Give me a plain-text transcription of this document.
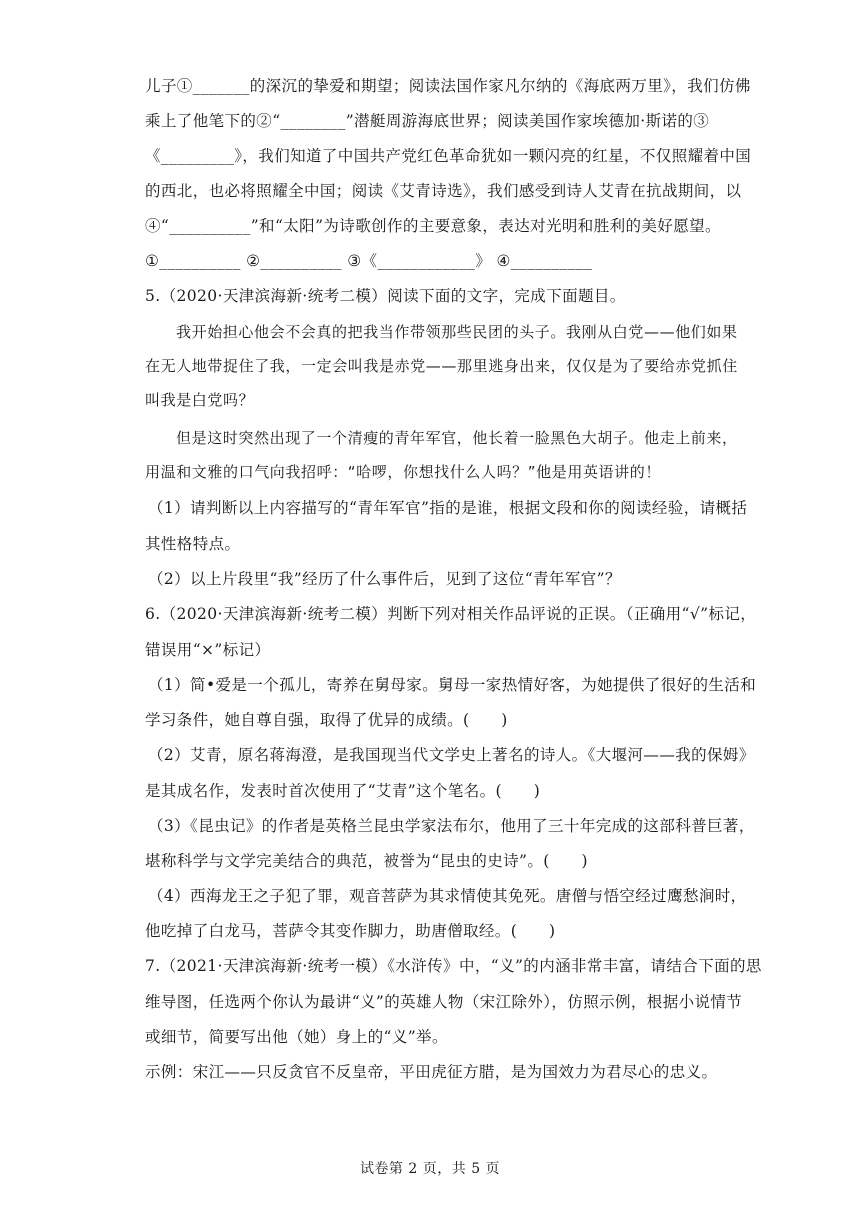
儿子①_______的深沉的挚爱和期望；阅读法国作家凡尔纳的《海底两万里》，我们仿佛
乘上了他笔下的②“________”潜艇周游海底世界；阅读美国作家埃德加·斯诺的③
《_________》，我们知道了中国共产党红色革命犹如一颗闪亮的红星，不仅照耀着中国
的西北，也必将照耀全中国；阅读《艾青诗选》，我们感受到诗人艾青在抗战期间，以
④“__________”和“太阳”为诗歌创作的主要意象，表达对光明和胜利的美好愿望。
①__________ ②__________ ③《____________》 ④__________
5.（2020·天津滨海新·统考二模）阅读下面的文字，完成下面题目。
我开始担心他会不会真的把我当作带领那些民团的头子。我刚从白党——他们如果
在无人地带捉住了我，一定会叫我是赤党——那里逃身出来，仅仅是为了要给赤党抓住
叫我是白党吗？
但是这时突然出现了一个清瘦的青年军官，他长着一脸黑色大胡子。他走上前来，
用温和文雅的口气向我招呼：“哈啰，你想找什么人吗？”他是用英语讲的！
（1）请判断以上内容描写的“青年军官”指的是谁，根据文段和你的阅读经验，请概括
其性格特点。
（2）以上片段里“我”经历了什么事件后，见到了这位“青年军官”？
6.（2020·天津滨海新·统考二模）判断下列对相关作品评说的正误。（正确用“√”标记，
错误用“×”标记）
（1）简•爱是一个孤儿，寄养在舅母家。舅母一家热情好客，为她提供了很好的生活和
学习条件，她自尊自强，取得了优异的成绩。(　　)
（2）艾青，原名蒋海澄，是我国现当代文学史上著名的诗人。《大堰河——我的保姆》
是其成名作，发表时首次使用了“艾青”这个笔名。(　　)
（3）《昆虫记》的作者是英格兰昆虫学家法布尔，他用了三十年完成的这部科普巨著，
堪称科学与文学完美结合的典范，被誉为“昆虫的史诗”。(　　)
（4）西海龙王之子犯了罪，观音菩萨为其求情使其免死。唐僧与悟空经过鹰愁涧时，
他吃掉了白龙马，菩萨令其变作脚力，助唐僧取经。(　　)
7.（2021·天津滨海新·统考一模）《水浒传》中，“义”的内涵非常丰富，请结合下面的思
维导图，任选两个你认为最讲“义”的英雄人物（宋江除外），仿照示例，根据小说情节
或细节，简要写出他（她）身上的“义”举。
示例：宋江——只反贪官不反皇帝，平田虎征方腊，是为国效力为君尽心的忠义。
试卷第 2 页，共 5 页
